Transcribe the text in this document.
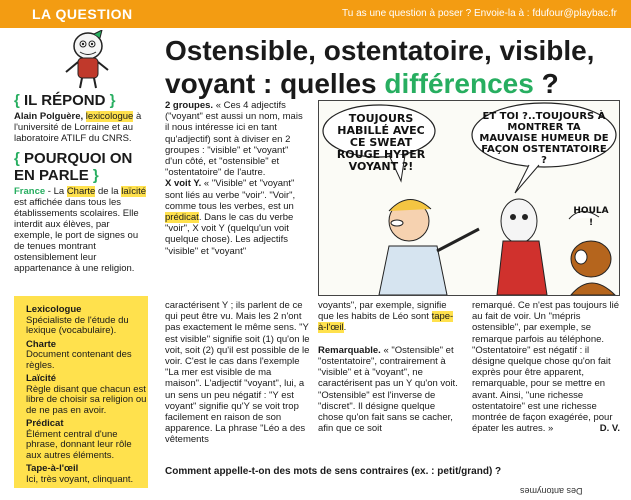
LA QUESTION	Tu as une question à poser ? Envoie-la à : fdufour@playbac.fr
Ostensible, ostentatoire, visible,
voyant : quelles différences ?
{ IL RÉPOND }
Alain Polguère, lexicologue à l'université de Lorraine et au laboratoire ATILF du CNRS.
{ POURQUOI ON EN PARLE }
France - La Charte de la laïcité est affichée dans tous les établissements scolaires. Elle interdit aux élèves, par exemple, le port de signes ou de tenues montrant ostensiblement leur appartenance à une religion.
Lexicologue
Spécialiste de l'étude du lexique (vocabulaire).
Charte
Document contenant des règles.
Laïcité
Règle disant que chacun est libre de choisir sa religion ou de ne pas en avoir.
Prédicat
Élément central d'une phrase, donnant leur rôle aux autres éléments.
Tape-à-l'œil
Ici, très voyant, clinquant.
2 groupes. « Ces 4 adjectifs ("voyant" est aussi un nom, mais il nous intéresse ici en tant qu'adjectif) sont à diviser en 2 groupes : "visible" et "voyant" d'un côté, et "ostensible" et "ostentatoire" de l'autre.
X voit Y. « "Visible" et "voyant" sont liés au verbe "voir". "Voir", comme tous les verbes, est un prédicat. Dans le cas du verbe "voir", X voit Y (quelqu'un voit quelque chose). Les adjectifs "visible" et "voyant"
TOUJOURS HABILLÉ AVEC CE SWEAT ROUGE HYPER VOYANT ?!
ET TOI ?..TOUJOURS À MONTRER TA MAUVAISE HUMEUR DE FAÇON OSTENTATOIRE ?
HOULA !
caractérisent Y ; ils parlent de ce qui peut être vu. Mais les 2 n'ont pas exactement le même sens. "Y est visible" signifie soit (1) qu'on le voit, soit (2) qu'il est possible de le voir. C'est le cas dans l'exemple "La mer est visible de ma maison". L'adjectif "voyant", lui, a un sens un peu négatif : "Y est voyant" signifie qu'Y se voit trop facilement en raison de son apparence. La phrase "Léo a des vêtements
voyants", par exemple, signifie que les habits de Léo sont tape-à-l'œil.

Remarquable. « "Ostensible" et "ostentatoire", contrairement à "visible" et à "voyant", ne caractérisent pas un Y qu'on voit. "Ostensible" est l'inverse de "discret". Il désigne quelque chose qu'on fait sans se cacher, afin que ce soit
remarqué. Ce n'est pas toujours lié au fait de voir. Un "mépris ostensible", par exemple, se remarque parfois au téléphone. "Ostentatoire" est négatif : il désigne quelque chose qu'on fait exprès pour être apparent, remarquable, pour se mettre en avant. Ainsi, "une richesse ostentatoire" est une richesse montrée de façon exagérée, pour épater les autres. »	D. V.
Comment appelle-t-on des mots de sens contraires (ex. : petit/grand) ?
Des antonymes
